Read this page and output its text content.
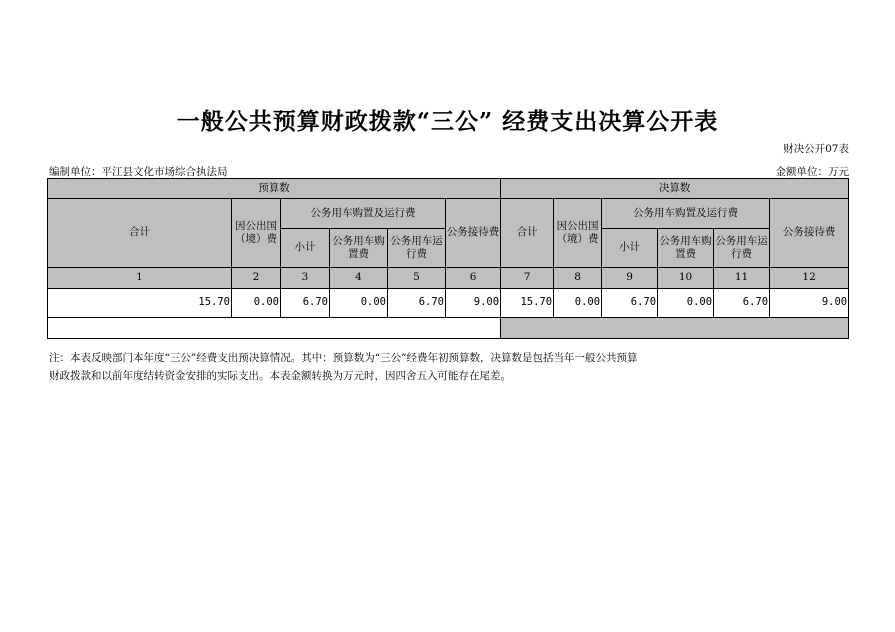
一般公共预算财政拨款“三公” 经费支出决算公开表
财决公开07表
编制单位：平江县文化市场综合执法局	金额单位：万元
预算数						决算数					
合计	因公出国（境）费	公务用车购置及运行费			公务接待费	合计	因公出国（境）费	公务用车购置及运行费			公务接待费
		小计	公务用车购置费	公务用车运行费				小计	公务用车购置费	公务用车运行费	
1	2	3	4	5	6	7	8	9	10	11	12
15.70	0.00	6.70	0.00	6.70	9.00	15.70	0.00	6.70	0.00	6.70	9.00

注：本表反映部门本年度“三公”经费支出预决算情况。其中：预算数为“三公”经费年初预算数，决算数是包括当年一般公共预算
财政拨款和以前年度结转资金安排的实际支出。本表金额转换为万元时，因四舍五入可能存在尾差。
